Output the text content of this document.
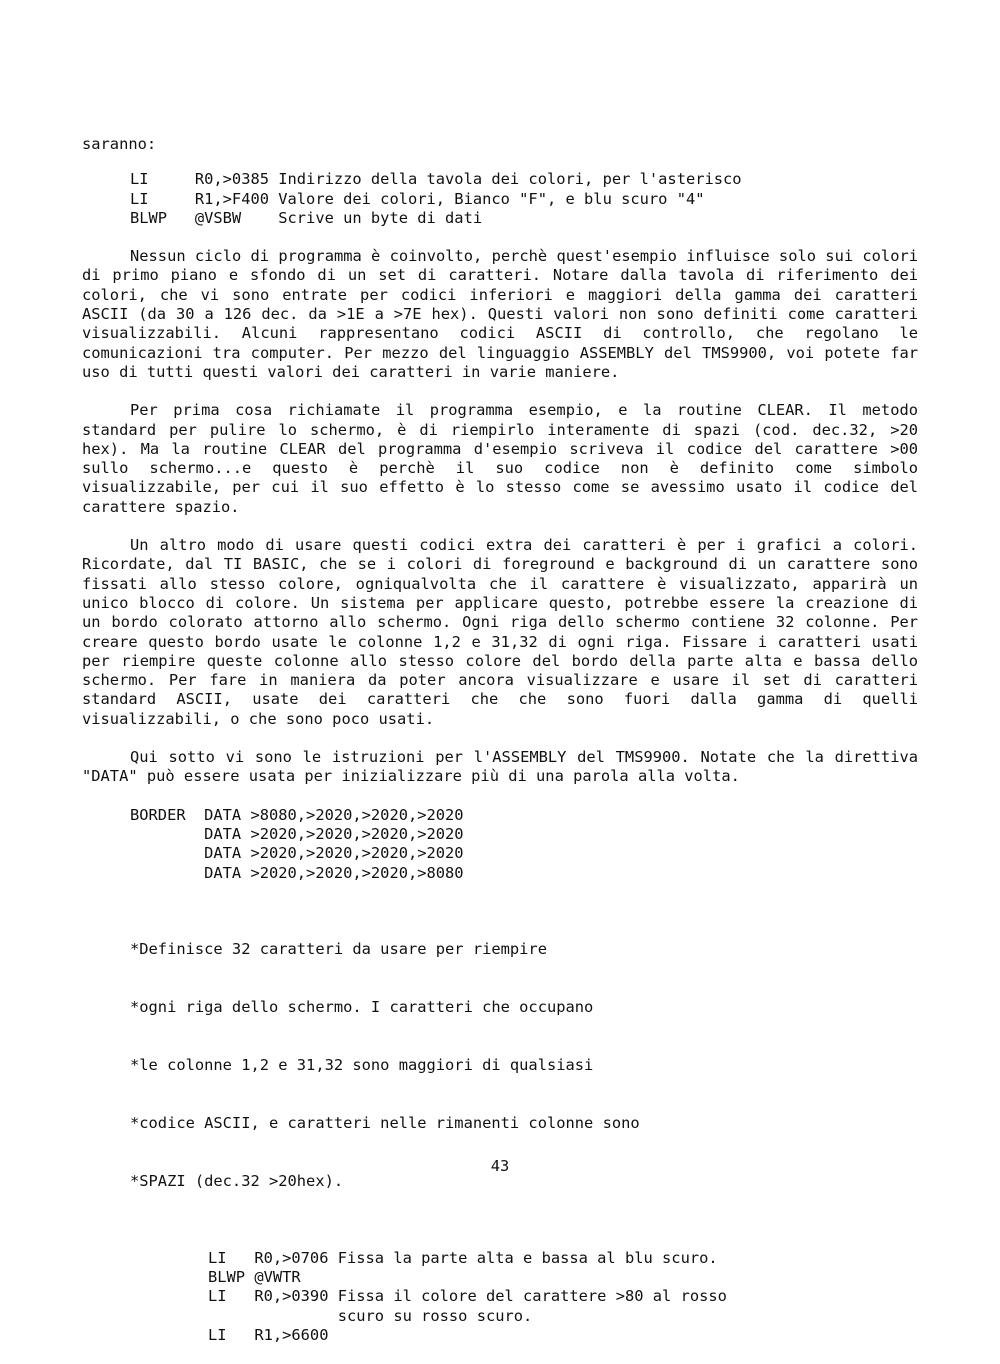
saranno:
LI     R0,>0385 Indirizzo della tavola dei colori, per l'asterisco
LI     R1,>F400 Valore dei colori, Bianco "F", e blu scuro "4"
BLWP   @VSBW    Scrive un byte di dati

Nessun ciclo di programma è coinvolto, perchè quest'esempio influisce solo sui colori di primo piano e sfondo di un set di caratteri. Notare dalla tavola di riferimento dei colori, che vi sono entrate per codici inferiori e maggiori della gamma dei caratteri ASCII (da 30 a 126 dec. da >1E a >7E hex). Questi valori non sono definiti come caratteri visualizzabili. Alcuni rappresentano codici ASCII di controllo, che regolano le comunicazioni tra computer. Per mezzo del linguaggio ASSEMBLY del TMS9900, voi potete far uso di tutti questi valori dei caratteri in varie maniere.

Per prima cosa richiamate il programma esempio, e la routine CLEAR. Il metodo standard per pulire lo schermo, è di riempirlo interamente di spazi (cod. dec.32, >20 hex). Ma la routine CLEAR del programma d'esempio scriveva il codice del carattere >00 sullo schermo...e questo è perchè il suo codice non è definito come simbolo visualizzabile, per cui il suo effetto è lo stesso come se avessimo usato il codice del carattere spazio.

Un altro modo di usare questi codici extra dei caratteri è per i grafici a colori. Ricordate, dal TI BASIC, che se i colori di foreground e background di un carattere sono fissati allo stesso colore, ogniqualvolta che il carattere è visualizzato, apparirà un unico blocco di colore. Un sistema per applicare questo, potrebbe essere la creazione di un bordo colorato attorno allo schermo. Ogni riga dello schermo contiene 32 colonne. Per creare questo bordo usate le colonne 1,2 e 31,32 di ogni riga. Fissare i caratteri usati per riempire queste colonne allo stesso colore del bordo della parte alta e bassa dello schermo. Per fare in maniera da poter ancora visualizzare e usare il set di caratteri standard ASCII, usate dei caratteri che che sono fuori dalla gamma di quelli visualizzabili, o che sono poco usati.

Qui sotto vi sono le istruzioni per l'ASSEMBLY del TMS9900. Notate che la direttiva "DATA" può essere usata per inizializzare più di una parola alla volta.

BORDER  DATA >8080,>2020,>2020,>2020
DATA >2020,>2020,>2020,>2020
DATA >2020,>2020,>2020,>2020
DATA >2020,>2020,>2020,>8080

*Definisce 32 caratteri da usare per riempire

*ogni riga dello schermo. I caratteri che occupano

*le colonne 1,2 e 31,32 sono maggiori di qualsiasi

*codice ASCII, e caratteri nelle rimanenti colonne sono

*SPAZI (dec.32 >20hex).

LI   R0,>0706 Fissa la parte alta e bassa al blu scuro.
BLWP @VWTR
LI   R0,>0390 Fissa il colore del carattere >80 al rosso
scuro su rosso scuro.
LI   R1,>6600
43
